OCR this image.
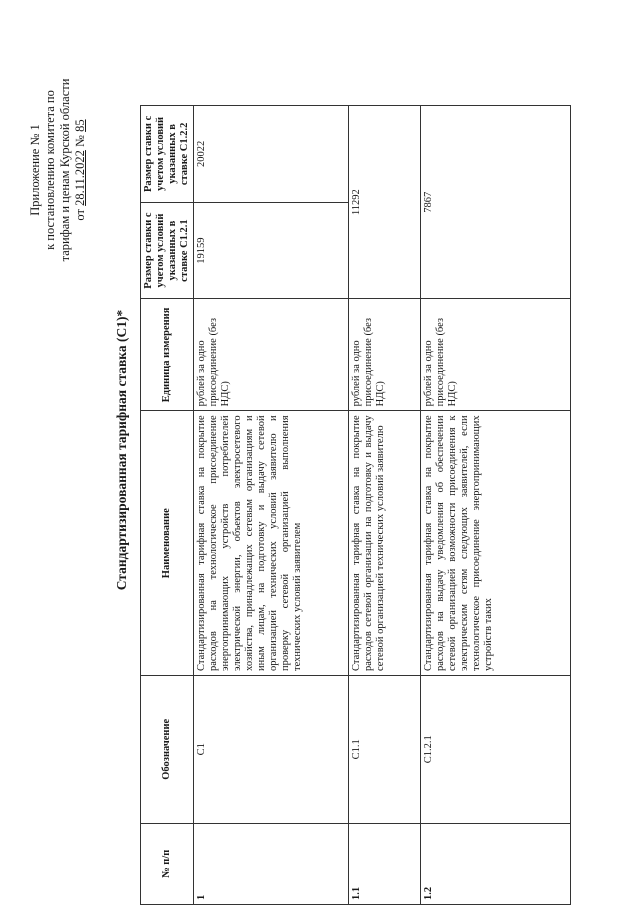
Приложение № 1 к постановлению комитета по тарифам и ценам Курской области от 28.11.2022 № 85
Стандартизированная тарифная ставка (С1)*
№ п/п	Обозначение	Наименование	Единица измерения	Размер ставки с учетом условий указанных в ставке С1.2.1	Размер ставки с учетом условий указанных в ставке С1.2.2
1	С1	Стандартизированная тарифная ставка на покрытие расходов на технологическое присоединение энергопринимающих устройств потребителей электрической энергии, объектов электросетевого хозяйства, принадлежащих сетевым организациям и иным лицам, на подготовку и выдачу сетевой организацией технических условий заявителю и проверку сетевой организацией выполнения технических условий заявителем	рублей за одно присоединение (без НДС)	19159	20022
1.1	С1.1	Стандартизированная тарифная ставка на покрытие расходов сетевой организации на подготовку и выдачу сетевой организацией технических условий заявителю	рублей за одно присоединение (без НДС)	11292	
1.2	С1.2.1	Стандартизированная тарифная ставка на покрытие расходов на выдачу уведомления об обеспечении сетевой организацией возможности присоединения к электрическим сетям следующих заявителей, если технологическое присоединение энергопринимающих устройств таких	рублей за одно присоединение (без НДС)	7867	
